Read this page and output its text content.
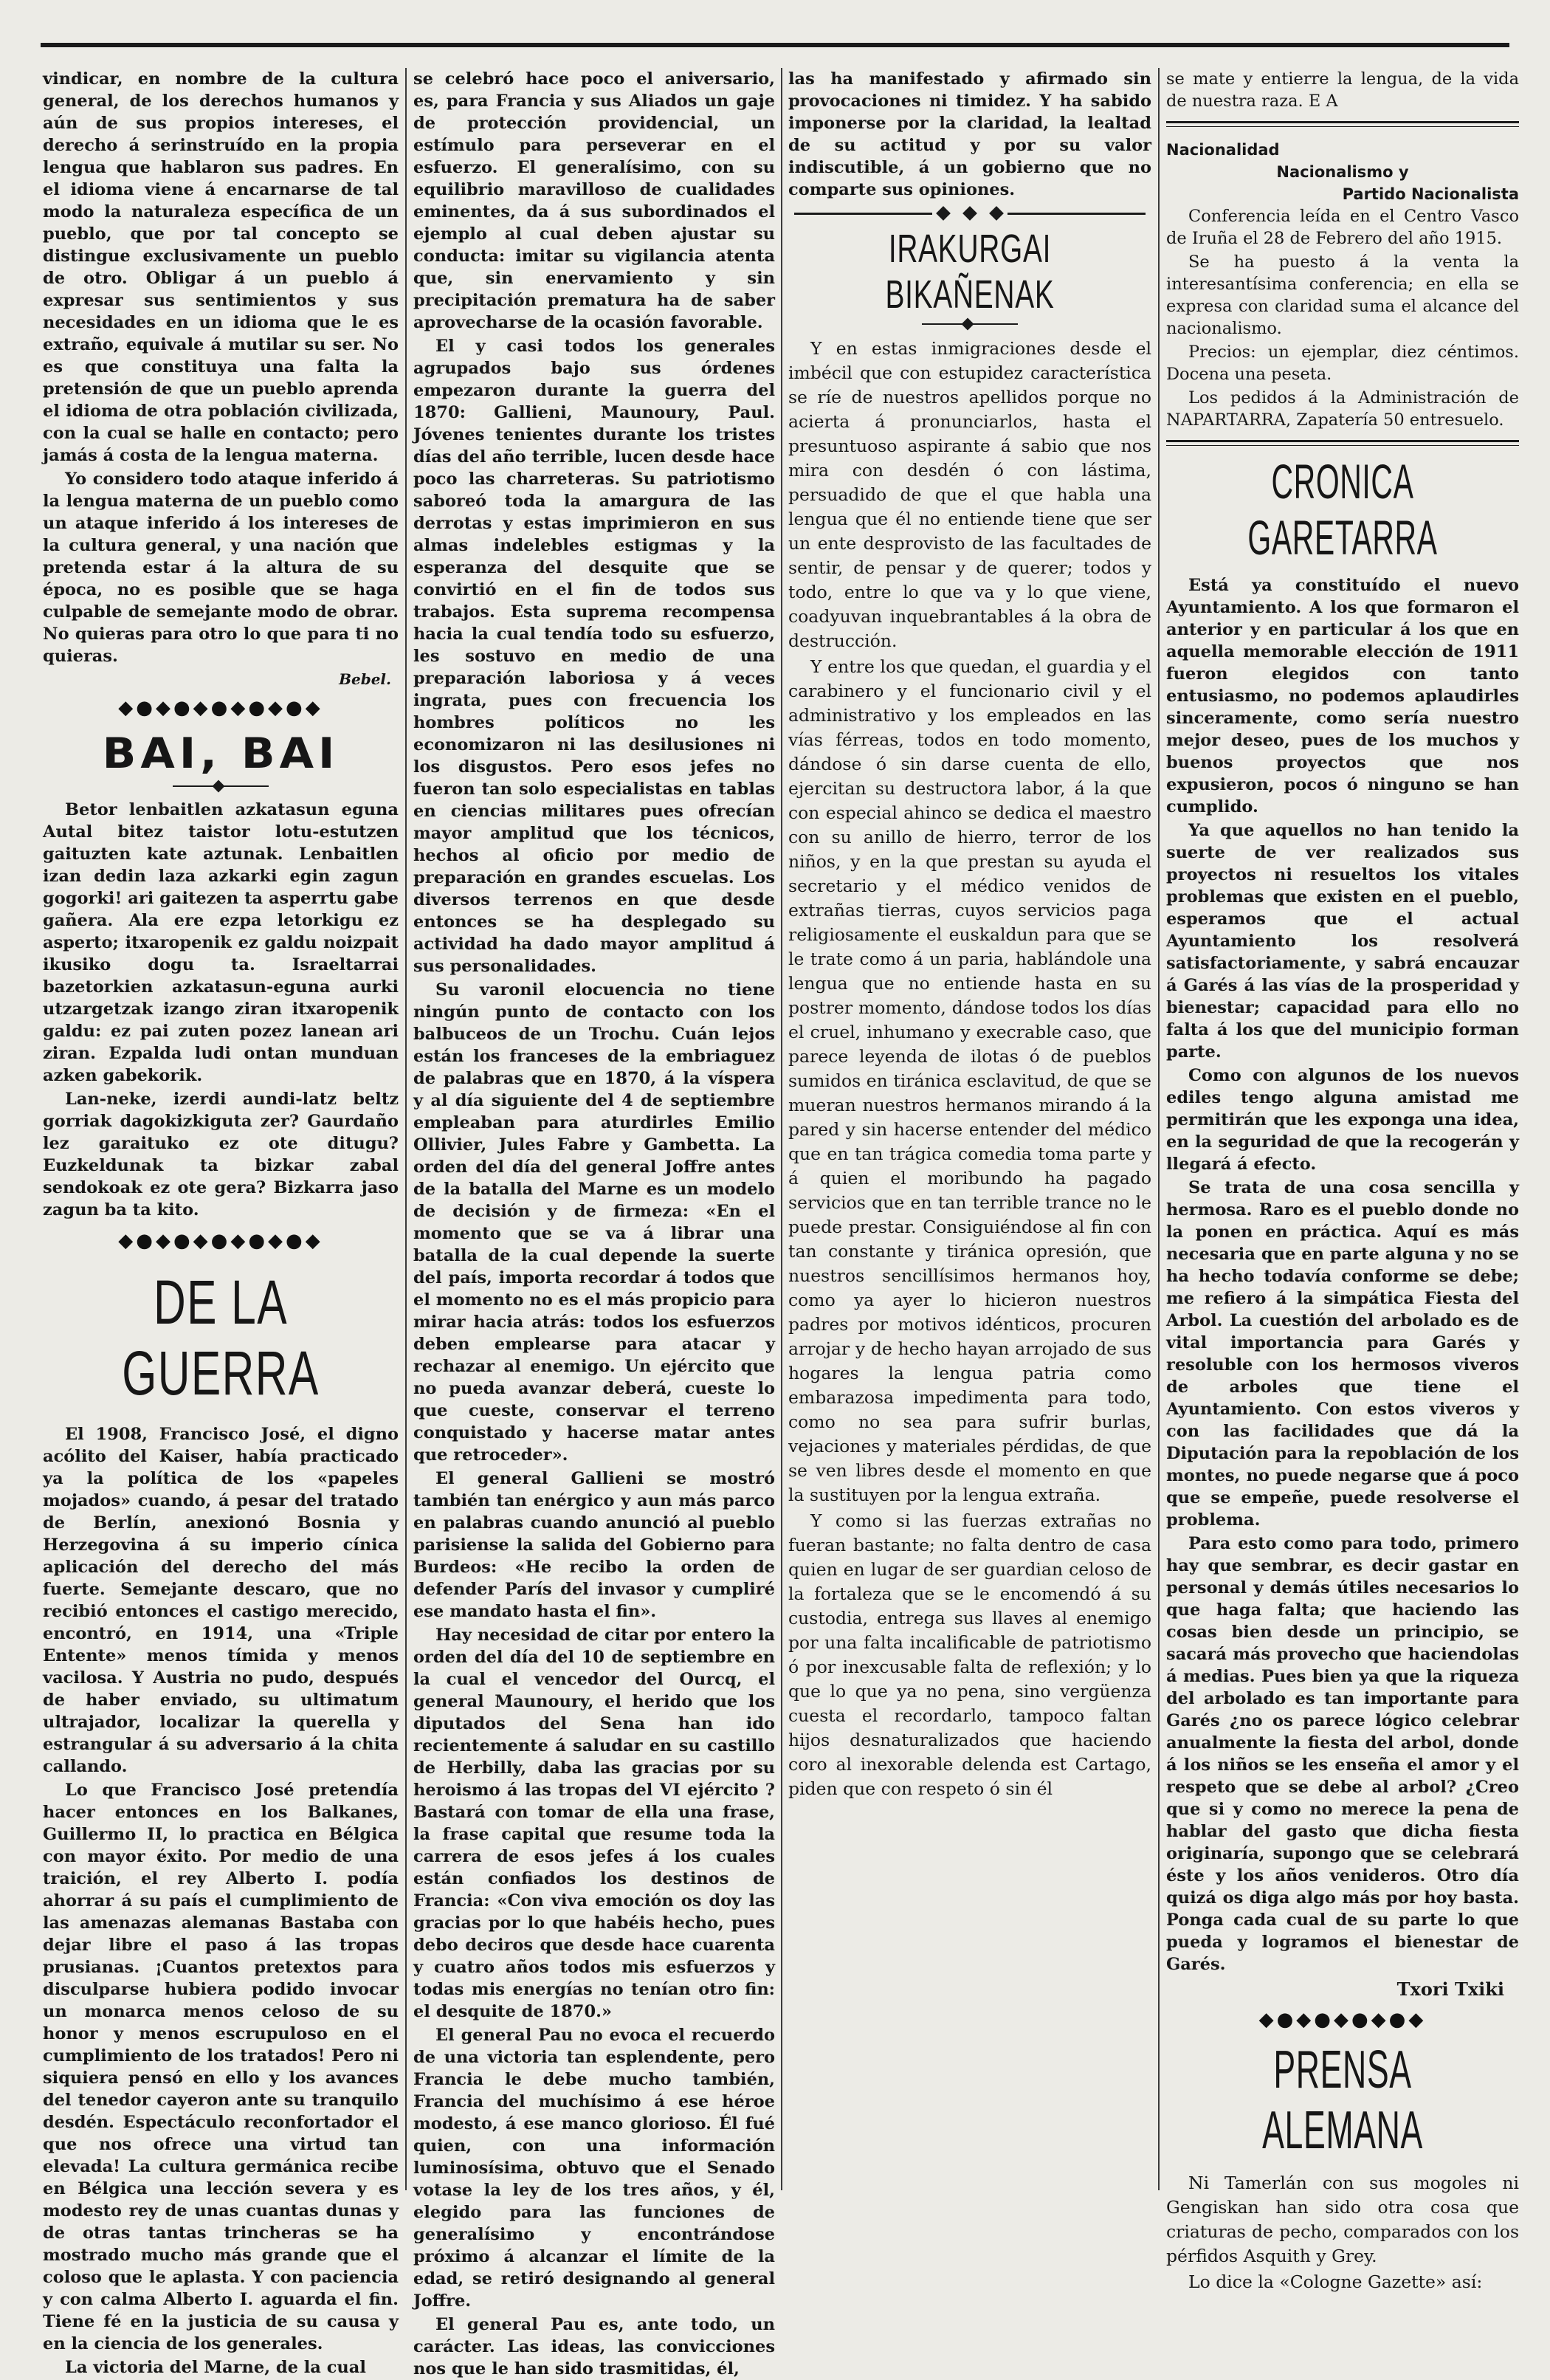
vindicar, en nombre de la cultura general, de los derechos humanos y aún de sus propios intereses, el derecho á serinstruído en la propia lengua que hablaron sus padres. En el idioma viene á encarnarse de tal modo la naturaleza específica de un pueblo, que por tal concepto se distingue exclusivamente un pueblo de otro. Obligar á un pueblo á expresar sus sentimientos y sus necesidades en un idioma que le es extraño, equivale á mutilar su ser. No es que constituya una falta la pretensión de que un pueblo aprenda el idioma de otra población civilizada, con la cual se halle en contacto; pero jamás á costa de la lengua materna.

Yo considero todo ataque inferido á la lengua materna de un pueblo como un ataque inferido á los intereses de la cultura general, y una nación que pretenda estar á la altura de su época, no es posible que se haga culpable de semejante modo de obrar. No quieras para otro lo que para ti no quieras.

Bebel.
◆●◆●◆●◆●◆●◆
BAI, BAI

Betor lenbaitlen azkatasun eguna Autal bitez taistor lotu-estutzen gaituzten kate aztunak. Lenbaitlen izan dedin laza azkarki egin zagun gogorki! ari gaitezen ta asperrtu gabe gañera. Ala ere ezpa letorkigu ez asperto; itxaropenik ez galdu noizpait ikusiko dogu ta. Israeltarrai bazetorkien azkatasun-eguna aurki utzargetzak izango ziran itxaropenik galdu: ez pai zuten pozez lanean ari ziran. Ezpalda ludi ontan munduan azken gabekorik.

Lan-neke, izerdi aundi-latz beltz gorriak dagokizkiguta zer? Gaurdaño lez garaituko ez ote ditugu? Euzkeldunak ta bizkar zabal sendokoak ez ote gera? Bizkarra jaso zagun ba ta kito.

◆●◆●◆●◆●◆●◆
DE LA GUERRA

El 1908, Francisco José, el digno acólito del Kaiser, había practicado ya la política de los «papeles mojados» cuando, á pesar del tratado de Berlín, anexionó Bosnia y Herzegovina á su imperio cínica aplicación del derecho del más fuerte. Semejante descaro, que no recibió entonces el castigo merecido, encontró, en 1914, una «Triple Entente» menos tímida y menos vacilosa. Y Austria no pudo, después de haber enviado, su ultimatum ultrajador, localizar la querella y estrangular á su adversario á la chita callando.

Lo que Francisco José pretendía hacer entonces en los Balkanes, Guillermo II, lo practica en Bélgica con mayor éxito. Por medio de una traición, el rey Alberto I. podía ahorrar á su país el cumplimiento de las amenazas alemanas Bastaba con dejar libre el paso á las tropas prusianas. ¡Cuantos pretextos para disculparse hubiera podido invocar un monarca menos celoso de su honor y menos escrupuloso en el cumplimiento de los tratados! Pero ni siquiera pensó en ello y los avances del tenedor cayeron ante su tranquilo desdén. Espectáculo reconfortador el que nos ofrece una virtud tan elevada! La cultura germánica recibe en Bélgica una lección severa y es modesto rey de unas cuantas dunas y de otras tantas trincheras se ha mostrado mucho más grande que el coloso que le aplasta. Y con paciencia y con calma Alberto I. aguarda el fin. Tiene fé en la justicia de su causa y en la ciencia de los generales.

La victoria del Marne, de la cual

se celebró hace poco el aniversario, es, para Francia y sus Aliados un gaje de protección providencial, un estímulo para perseverar en el esfuerzo. El generalísimo, con su equilibrio maravilloso de cualidades eminentes, da á sus subordinados el ejemplo al cual deben ajustar su conducta: imitar su vigilancia atenta que, sin enervamiento y sin precipitación prematura ha de saber aprovecharse de la ocasión favorable.

El y casi todos los generales agrupados bajo sus órdenes empezaron durante la guerra del 1870: Gallieni, Maunoury, Paul. Jóvenes tenientes durante los tristes días del año terrible, lucen desde hace poco las charreteras. Su patriotismo saboreó toda la amargura de las derrotas y estas imprimieron en sus almas indelebles estigmas y la esperanza del desquite que se convirtió en el fin de todos sus trabajos. Esta suprema recompensa hacia la cual tendía todo su esfuerzo, les sostuvo en medio de una preparación laboriosa y á veces ingrata, pues con frecuencia los hombres políticos no les economizaron ni las desilusiones ni los disgustos. Pero esos jefes no fueron tan solo especialistas en tablas en ciencias militares pues ofrecían mayor amplitud que los técnicos, hechos al oficio por medio de preparación en grandes escuelas. Los diversos terrenos en que desde entonces se ha desplegado su actividad ha dado mayor amplitud á sus personalidades.

Su varonil elocuencia no tiene ningún punto de contacto con los balbuceos de un Trochu. Cuán lejos están los franceses de la embriaguez de palabras que en 1870, á la víspera y al día siguiente del 4 de septiembre empleaban para aturdirles Emilio Ollivier, Jules Fabre y Gambetta. La orden del día del general Joffre antes de la batalla del Marne es un modelo de decisión y de firmeza: «En el momento que se va á librar una batalla de la cual depende la suerte del país, importa recordar á todos que el momento no es el más propicio para mirar hacia atrás: todos los esfuerzos deben emplearse para atacar y rechazar al enemigo. Un ejército que no pueda avanzar deberá, cueste lo que cueste, conservar el terreno conquistado y hacerse matar antes que retroceder».

El general Gallieni se mostró también tan enérgico y aun más parco en palabras cuando anunció al pueblo parisiense la salida del Gobierno para Burdeos: «He recibo la orden de defender París del invasor y cumpliré ese mandato hasta el fin».

Hay necesidad de citar por entero la orden del día del 10 de septiembre en la cual el vencedor del Ourcq, el general Maunoury, el herido que los diputados del Sena han ido recientemente á saludar en su castillo de Herbilly, daba las gracias por su heroismo á las tropas del VI ejército ? Bastará con tomar de ella una frase, la frase capital que resume toda la carrera de esos jefes á los cuales están confiados los destinos de Francia: «Con viva emoción os doy las gracias por lo que habéis hecho, pues debo deciros que desde hace cuarenta y cuatro años todos mis esfuerzos y todas mis energías no tenían otro fin: el desquite de 1870.»

El general Pau no evoca el recuerdo de una victoria tan esplendente, pero Francia le debe mucho también, Francia del muchísimo á ese héroe modesto, á ese manco glorioso. Él fué quien, con una información luminosísima, obtuvo que el Senado votase la ley de los tres años, y él, elegido para las funciones de generalísimo y encontrándose próximo á alcanzar el límite de la edad, se retiró designando al general Joffre.

El general Pau es, ante todo, un carácter. Las ideas, las convicciones nos que le han sido trasmitidas, él,

las ha manifestado y afirmado sin provocaciones ni timidez. Y ha sabido imponerse por la claridad, la lealtad de su actitud y por su valor indiscutible, á un gobierno que no comparte sus opiniones.

IRAKURGAI BIKAÑENAK

Y en estas inmigraciones desde el imbécil que con estupidez característica se ríe de nuestros apellidos porque no acierta á pronunciarlos, hasta el presuntuoso aspirante á sabio que nos mira con desdén ó con lástima, persuadido de que el que habla una lengua que él no entiende tiene que ser un ente desprovisto de las facultades de sentir, de pensar y de querer; todos y todo, entre lo que va y lo que viene, coadyuvan inquebrantables á la obra de destrucción.

Y entre los que quedan, el guardia y el carabinero y el funcionario civil y el administrativo y los empleados en las vías férreas, todos en todo momento, dándose ó sin darse cuenta de ello, ejercitan su destructora labor, á la que con especial ahinco se dedica el maestro con su anillo de hierro, terror de los niños, y en la que prestan su ayuda el secretario y el médico venidos de extrañas tierras, cuyos servicios paga religiosamente el euskaldun para que se le trate como á un paria, hablándole una lengua que no entiende hasta en su postrer momento, dándose todos los días el cruel, inhumano y execrable caso, que parece leyenda de ilotas ó de pueblos sumidos en tiránica esclavitud, de que se mueran nuestros hermanos mirando á la pared y sin hacerse entender del médico que en tan trágica comedia toma parte y á quien el moribundo ha pagado servicios que en tan terrible trance no le puede prestar. Consiguiéndose al fin con tan constante y tiránica opresión, que nuestros sencillísimos hermanos hoy, como ya ayer lo hicieron nuestros padres por motivos idénticos, procuren arrojar y de hecho hayan arrojado de sus hogares la lengua patria como embarazosa impedimenta para todo, como no sea para sufrir burlas, vejaciones y materiales pérdidas, de que se ven libres desde el momento en que la sustituyen por la lengua extraña.

Y como si las fuerzas extrañas no fueran bastante; no falta dentro de casa quien en lugar de ser guardian celoso de la fortaleza que se le encomendó á su custodia, entrega sus llaves al enemigo por una falta incalificable de patriotismo ó por inexcusable falta de reflexión; y lo que lo que ya no pena, sino vergüenza cuesta el recordarlo, tampoco faltan hijos desnaturalizados que haciendo coro al inexorable delenda est Cartago, piden que con respeto ó sin él

se mate y entierre la lengua, de la vida de nuestra raza. E A

Nacionalidad
Nacionalismo y
Partido Nacionalista

Conferencia leída en el Centro Vasco de Iruña el 28 de Febrero del año 1915.

Se ha puesto á la venta la interesantísima conferencia; en ella se expresa con claridad suma el alcance del nacionalismo.

Precios: un ejemplar, diez céntimos. Docena una peseta.

Los pedidos á la Administración de NAPARTARRA, Zapatería 50 entresuelo.

CRONICA GARETARRA

Está ya constituído el nuevo Ayuntamiento. A los que formaron el anterior y en particular á los que en aquella memorable elección de 1911 fueron elegidos con tanto entusiasmo, no podemos aplaudirles sinceramente, como sería nuestro mejor deseo, pues de los muchos y buenos proyectos que nos expusieron, pocos ó ninguno se han cumplido.

Ya que aquellos no han tenido la suerte de ver realizados sus proyectos ni resueltos los vitales problemas que existen en el pueblo, esperamos que el actual Ayuntamiento los resolverá satisfactoriamente, y sabrá encauzar á Garés á las vías de la prosperidad y bienestar; capacidad para ello no falta á los que del municipio forman parte.

Como con algunos de los nuevos ediles tengo alguna amistad me permitirán que les exponga una idea, en la seguridad de que la recogerán y llegará á efecto.

Se trata de una cosa sencilla y hermosa. Raro es el pueblo donde no la ponen en práctica. Aquí es más necesaria que en parte alguna y no se ha hecho todavía conforme se debe; me refiero á la simpática Fiesta del Arbol. La cuestión del arbolado es de vital importancia para Garés y resoluble con los hermosos viveros de arboles que tiene el Ayuntamiento. Con estos viveros y con las facilidades que dá la Diputación para la repoblación de los montes, no puede negarse que á poco que se empeñe, puede resolverse el problema.

Para esto como para todo, primero hay que sembrar, es decir gastar en personal y demás útiles necesarios lo que haga falta; que haciendo las cosas bien desde un principio, se sacará más provecho que haciendolas á medias. Pues bien ya que la riqueza del arbolado es tan importante para Garés ¿no os parece lógico celebrar anualmente la fiesta del arbol, donde á los niños se les enseña el amor y el respeto que se debe al arbol? ¿Creo que si y como no merece la pena de hablar del gasto que dicha fiesta originaría, supongo que se celebrará éste y los años venideros. Otro día quizá os diga algo más por hoy basta. Ponga cada cual de su parte lo que pueda y logramos el bienestar de Garés.

Txori Txiki
◆●◆●◆●◆●◆
PRENSA ALEMANA

Ni Tamerlán con sus mogoles ni Gengiskan han sido otra cosa que criaturas de pecho, comparados con los pérfidos Asquith y Grey.

Lo dice la «Cologne Gazette» así:
